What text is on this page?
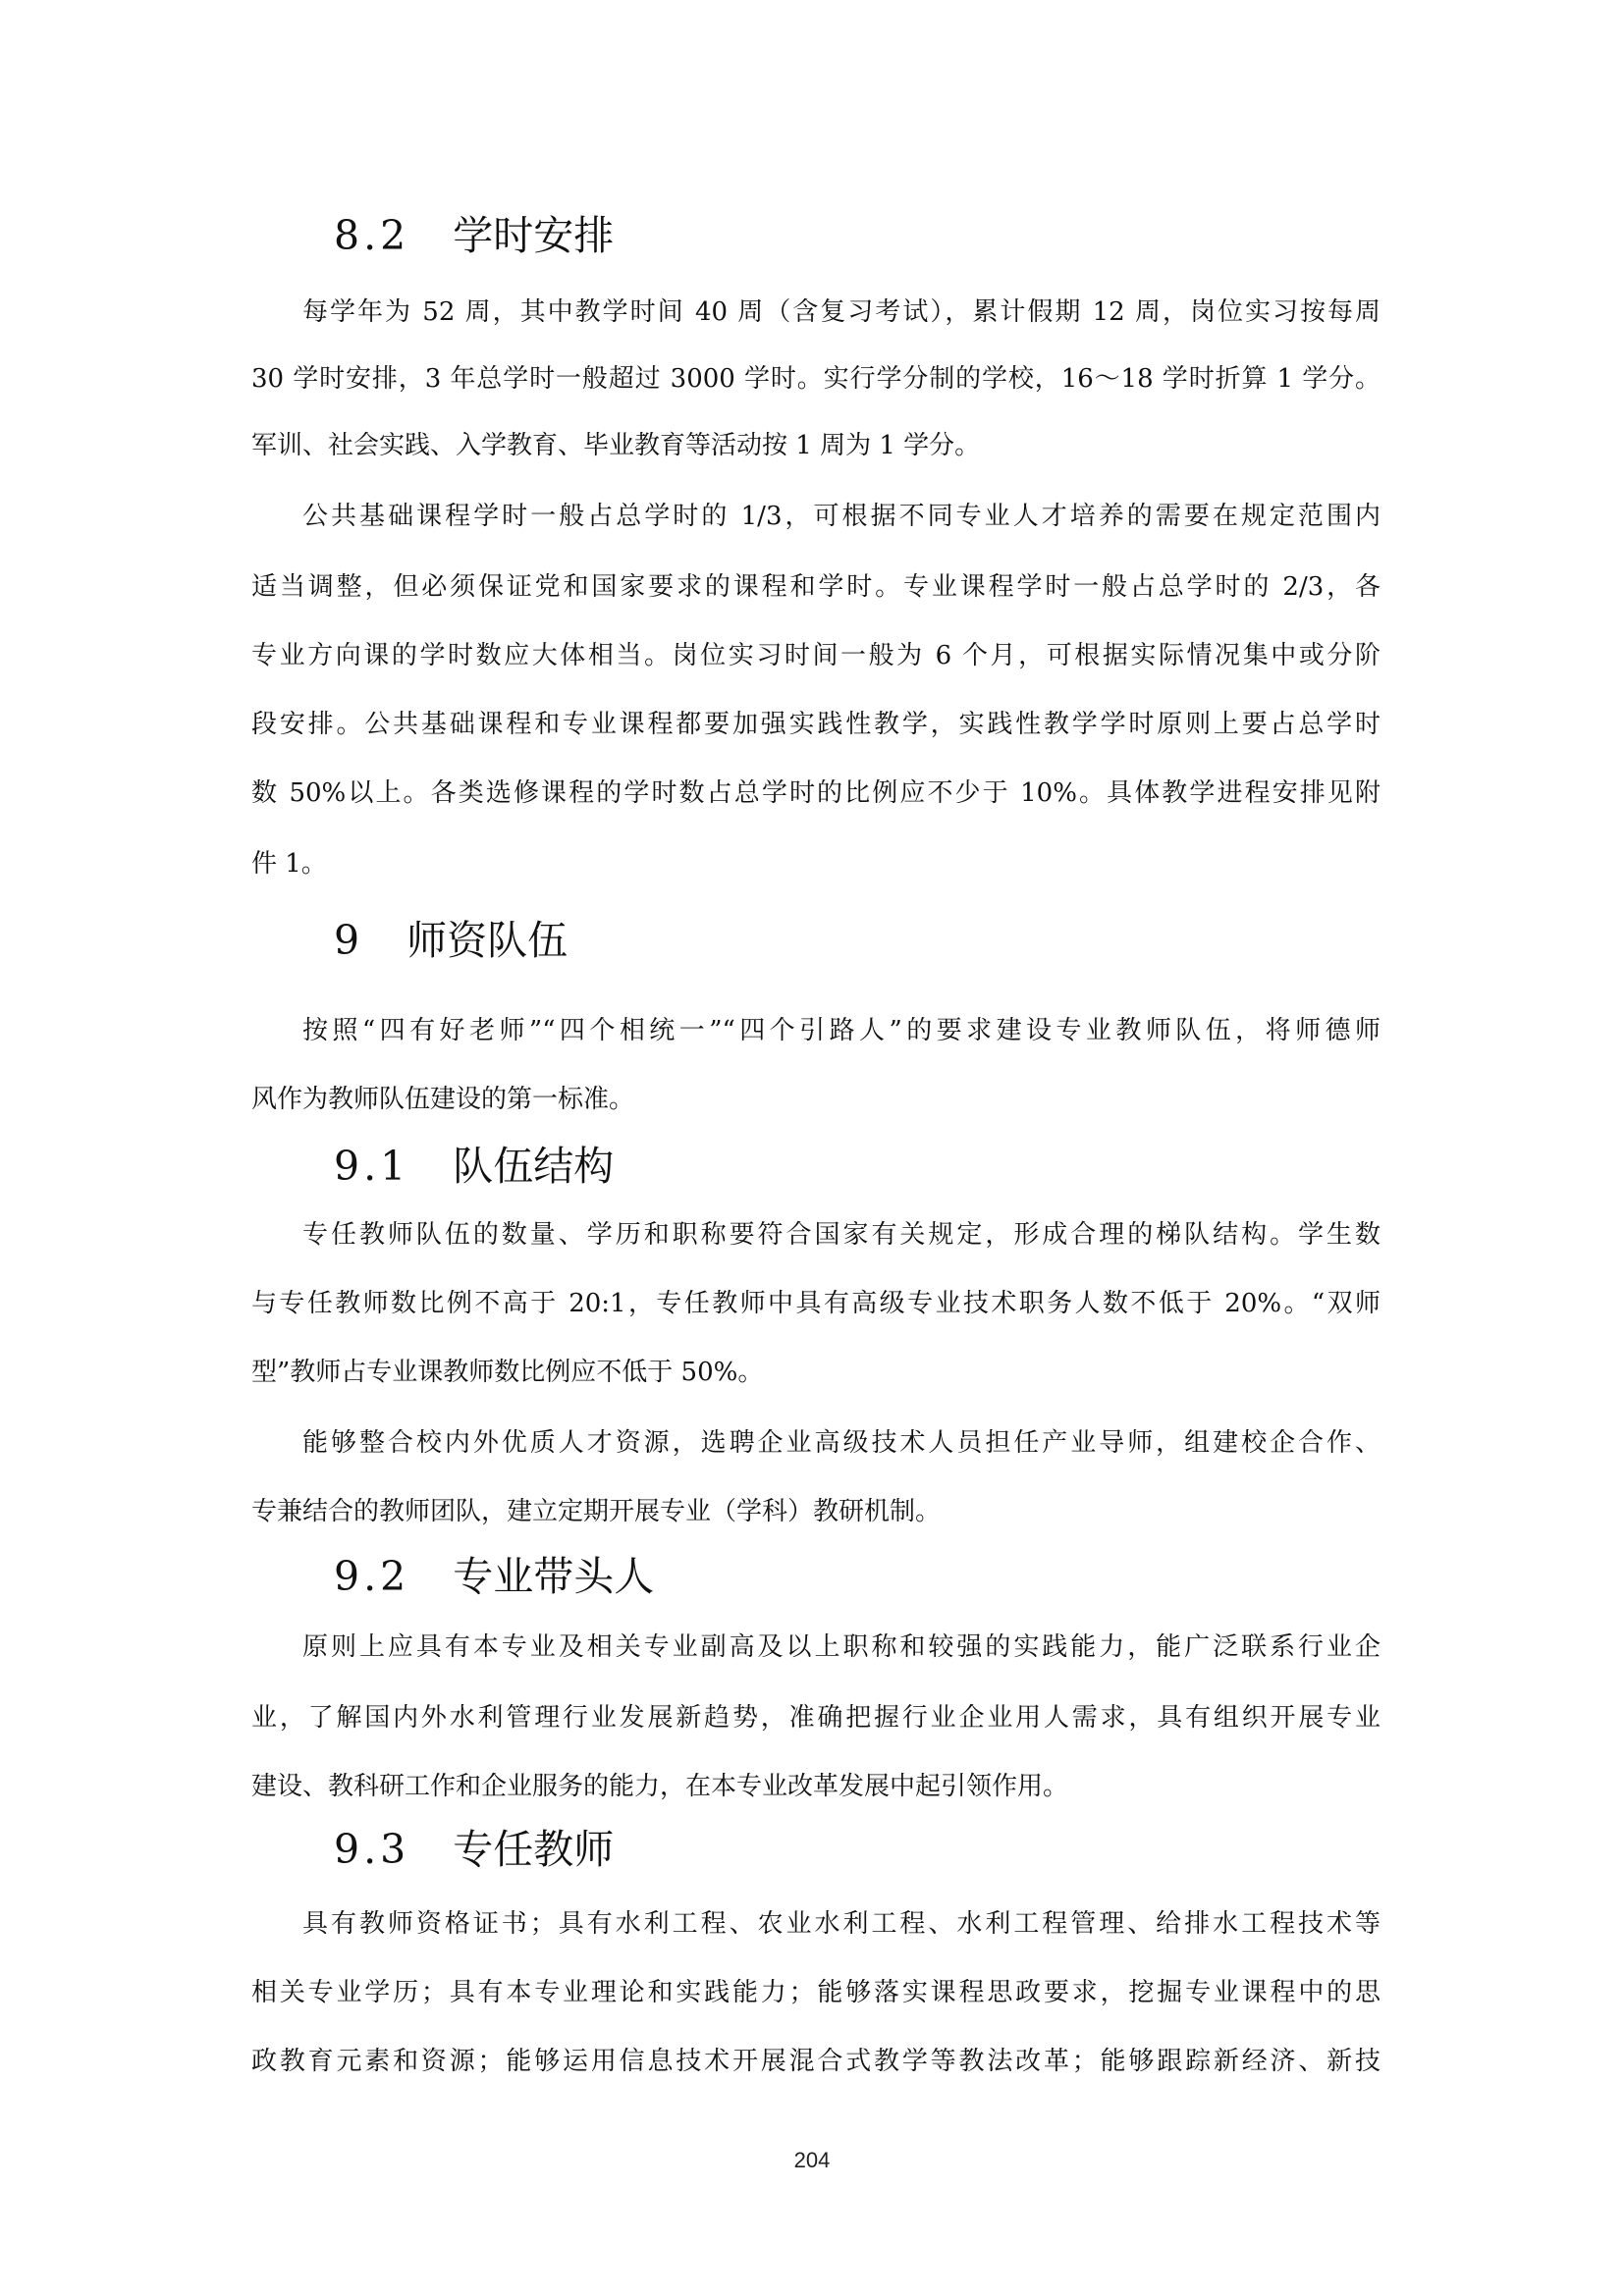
8.2 学时安排
每学年为 52 周，其中教学时间 40 周（含复习考试），累计假期 12 周，岗位实习按每周
30 学时安排，3 年总学时一般超过 3000 学时。实行学分制的学校，16～18 学时折算 1 学分。
军训、社会实践、入学教育、毕业教育等活动按 1 周为 1 学分。
公共基础课程学时一般占总学时的 1/3，可根据不同专业人才培养的需要在规定范围内
适当调整，但必须保证党和国家要求的课程和学时。专业课程学时一般占总学时的 2/3，各
专业方向课的学时数应大体相当。岗位实习时间一般为 6 个月，可根据实际情况集中或分阶
段安排。公共基础课程和专业课程都要加强实践性教学，实践性教学学时原则上要占总学时
数 50%以上。各类选修课程的学时数占总学时的比例应不少于 10%。具体教学进程安排见附
件 1。
9 师资队伍
按照“四有好老师”“四个相统一”“四个引路人”的要求建设专业教师队伍，将师德师
风作为教师队伍建设的第一标准。
9.1 队伍结构
专任教师队伍的数量、学历和职称要符合国家有关规定，形成合理的梯队结构。学生数
与专任教师数比例不高于 20:1，专任教师中具有高级专业技术职务人数不低于 20%。“双师
型”教师占专业课教师数比例应不低于 50%。
能够整合校内外优质人才资源，选聘企业高级技术人员担任产业导师，组建校企合作、
专兼结合的教师团队，建立定期开展专业（学科）教研机制。
9.2 专业带头人
原则上应具有本专业及相关专业副高及以上职称和较强的实践能力，能广泛联系行业企
业，了解国内外水利管理行业发展新趋势，准确把握行业企业用人需求，具有组织开展专业
建设、教科研工作和企业服务的能力，在本专业改革发展中起引领作用。
9.3 专任教师
具有教师资格证书；具有水利工程、农业水利工程、水利工程管理、给排水工程技术等
相关专业学历；具有本专业理论和实践能力；能够落实课程思政要求，挖掘专业课程中的思
政教育元素和资源；能够运用信息技术开展混合式教学等教法改革；能够跟踪新经济、新技
204
